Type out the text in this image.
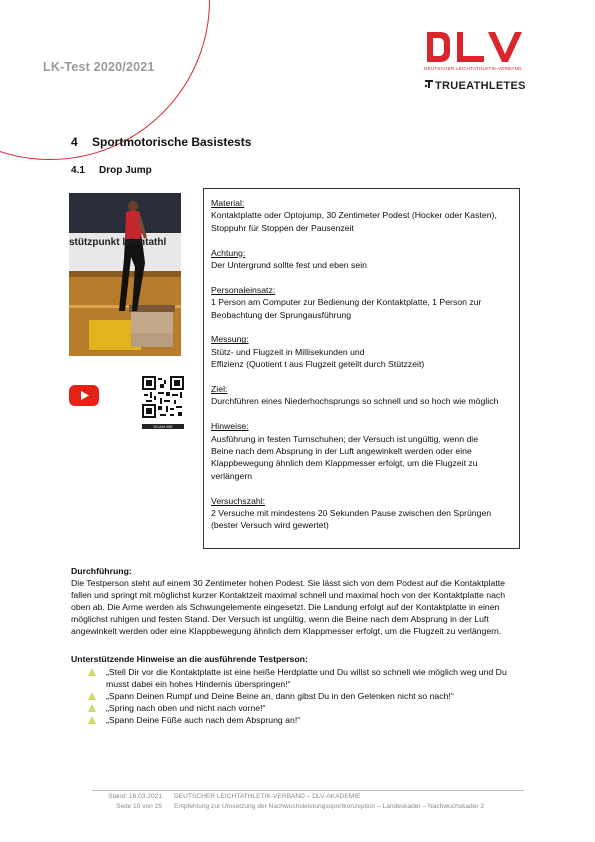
LK-Test 2020/2021	DEUTSCHER LEICHTATHLETIK-VERBAND
TRUEATHLETES
4 Sportmotorische Basistests
4.1 Drop Jump
stützpunkt leichtathl
SCAN ME
Material:
Kontaktplatte oder Optojump, 30 Zentimeter Podest (Hocker oder Kasten),
Stoppuhr für Stoppen der Pausenzeit
Achtung:
Der Untergrund sollte fest und eben sein
Personaleinsatz:
1 Person am Computer zur Bedienung der Kontaktplatte, 1 Person zur
Beobachtung der Sprungausführung
Messung:
Stütz- und Flugzeit in Millisekunden und
Effizienz (Quotient t aus Flugzeit geteilt durch Stützzeit)
Ziel:
Durchführen eines Niederhochsprungs so schnell und so hoch wie möglich
Hinweise:
Ausführung in festen Turnschuhen; der Versuch ist ungültig, wenn die
Beine nach dem Absprung in der Luft angewinkelt werden oder eine
Klappbewegung ähnlich dem Klappmesser erfolgt, um die Flugzeit zu
verlängern
Versuchszahl:
2 Versuche mit mindestens 20 Sekunden Pause zwischen den Sprüngen
(bester Versuch wird gewertet)
Durchführung:
Die Testperson steht auf einem 30 Zentimeter hohen Podest. Sie lässt sich von dem Podest auf die Kontaktplatte
fallen und springt mit möglichst kurzer Kontaktzeit maximal schnell und maximal hoch von der Kontaktplatte nach
oben ab. Die Arme werden als Schwungelemente eingesetzt. Die Landung erfolgt auf der Kontaktplatte in einen
möglichst ruhigen und festen Stand. Der Versuch ist ungültig, wenn die Beine nach dem Absprung in der Luft
angewinkelt werden oder eine Klappbewegung ähnlich dem Klappmesser erfolgt, um die Flugzeit zu verlängern.
Unterstützende Hinweise an die ausführende Testperson:
„Stell Dir vor die Kontaktplatte ist eine heiße Herdplatte und Du willst so schnell wie möglich weg und Du
musst dabei ein hohes Hindernis überspringen!“
„Spann Deinen Rumpf und Deine Beine an, dann gibst Du in den Gelenken nicht so nach!“
„Spring nach oben und nicht nach vorne!“
„Spann Deine Füße auch nach dem Absprung an!“
Stand: 16.03.2021 DEUTSCHER LEICHTATHLETIK-VERBAND – DLV-AKADEMIE
Seite 10 von 25 Empfehlung zur Umsetzung der Nachwuchsleistungssportkonzeption – Landeskader – Nachwuchskader 2
